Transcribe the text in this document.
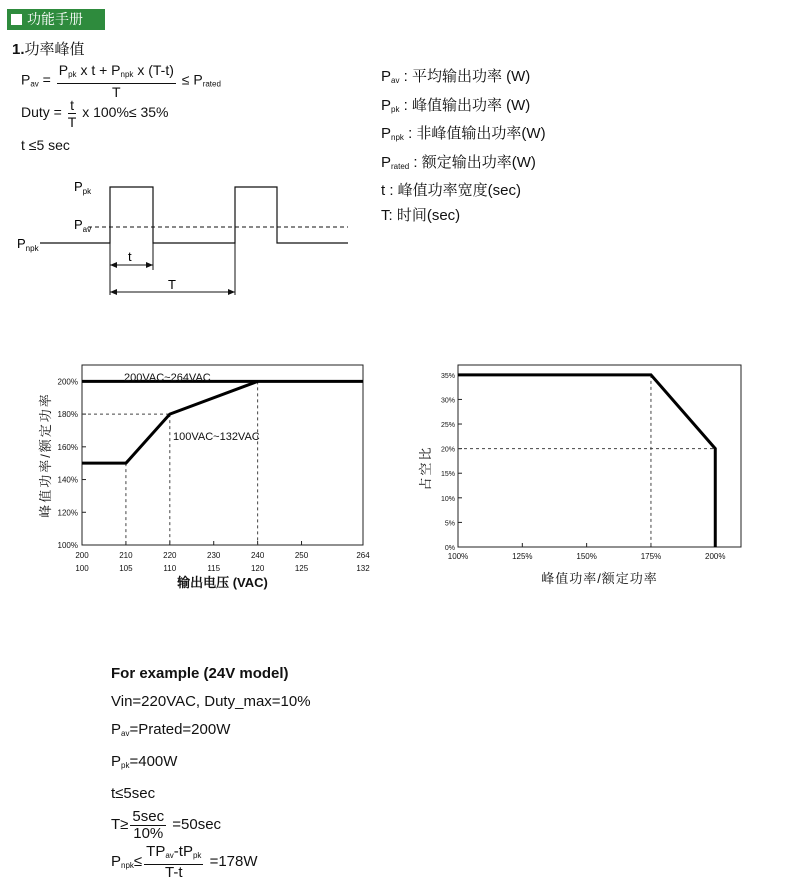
功能手册
1.功率峰值
$P_{av} = \frac{P_{pk} x t + P_{npk} x (T-t)}{T} \le P_{rated}$
Duty = $\frac{t}{T}$ x 100%≤ 35%
t ≤5 sec
$P_{pk}$
$P_{av}$
$P_{npk}$
t
T
$P_{av}$ : 平均输出功率 (W)
$P_{pk}$ : 峰值输出功率 (W)
$P_{npk}$ : 非峰值输出功率(W)
$P_{rated}$ : 额定输出功率(W)
t : 峰值功率宽度(sec)
T: 时间(sec)
100%
120%
140%
160%
180%
200%
200
100
210
105
220
110
230
115
240
120
250
125
264
132
200VAC~264VAC
100VAC~132VAC
输出电压 (VAC)
峰值功率/额定功率
0%
5%
10%
15%
20%
25%
30%
35%
100%	125%	150%	175%	200%
峰值功率/额定功率
占空比
For example (24V model)
Vin=220VAC, Duty_max=10%
$P_{av}=Prated=200W$
$P_{pk}=400W$
t≤5sec
$T\ge \frac{5\sec}{10\%} =50\sec$
$P_{npk}\le \frac{TP_{av}-tP_{pk}}{T-t} =178W$
